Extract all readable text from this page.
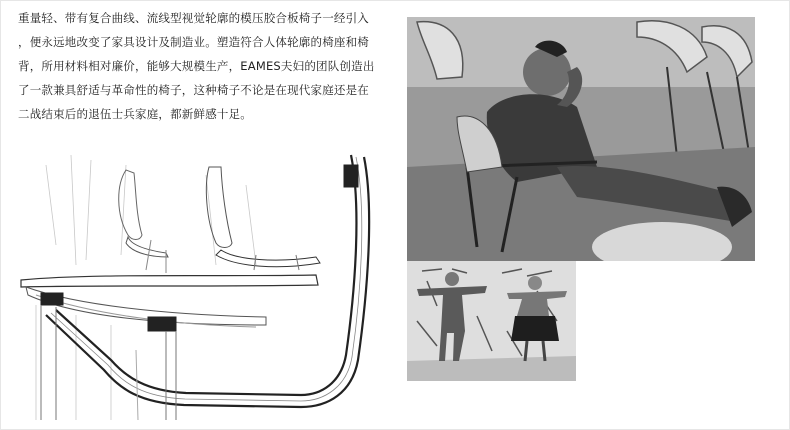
重量轻、带有复合曲线、流线型视觉轮廓的模压胶合板椅子一经引入
，便永远地改变了家具设计及制造业。塑造符合人体轮廓的椅座和椅
背，所用材料相对廉价，能够大规模生产，EAMES夫妇的团队创造出
了一款兼具舒适与革命性的椅子，这种椅子不论是在现代家庭还是在
二战结束后的退伍士兵家庭，都新鲜感十足。
